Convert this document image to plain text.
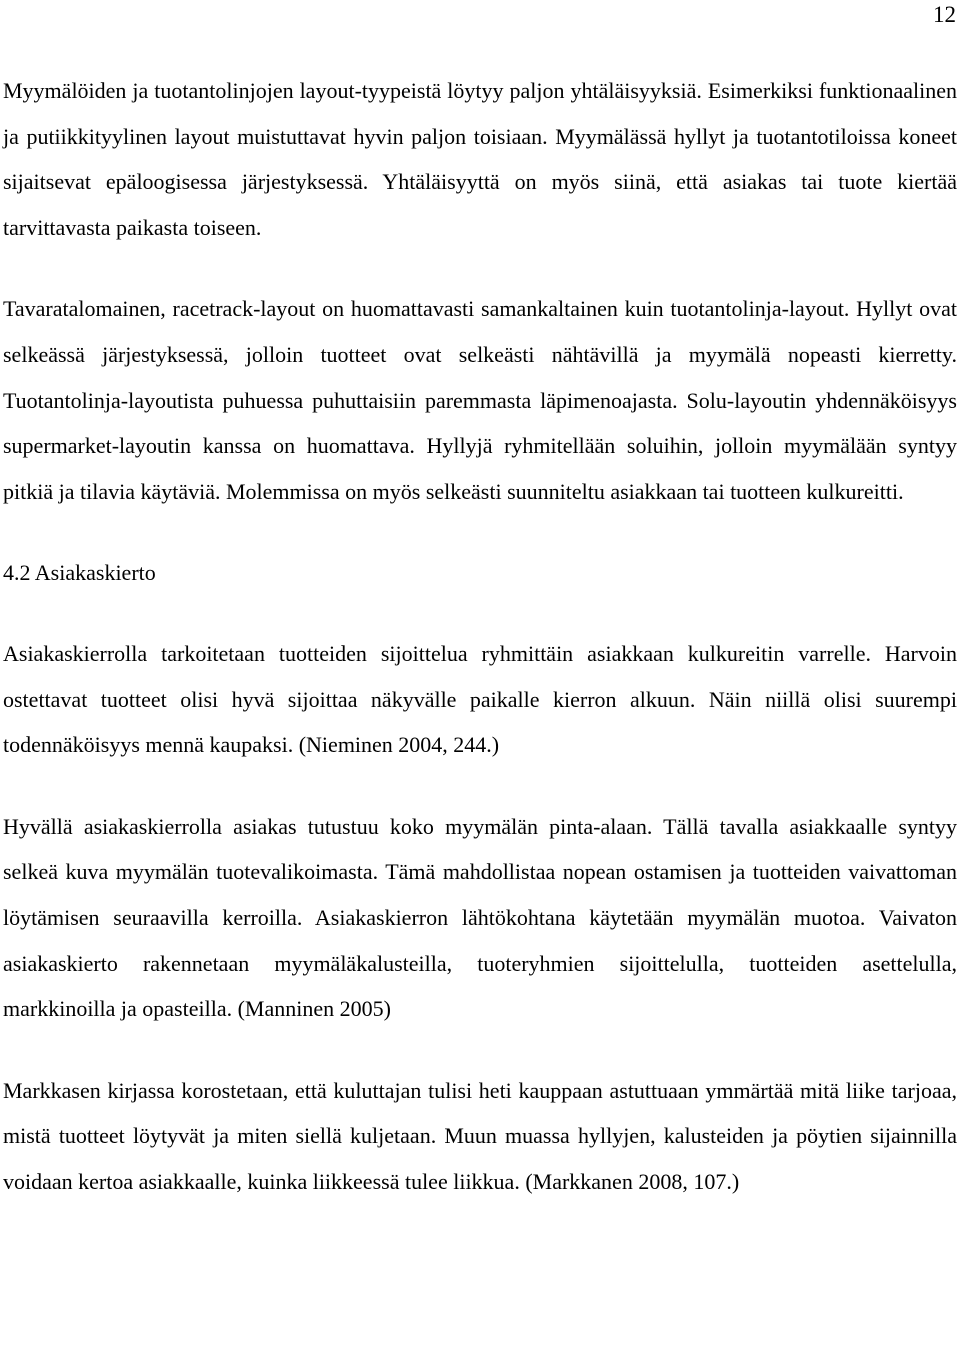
12

Myymälöiden ja tuotantolinjojen layout-tyypeistä löytyy paljon yhtäläisyyksiä. Esimerkiksi funktionaalinen ja putiikkityylinen layout muistuttavat hyvin paljon toisiaan. Myymälässä hyllyt ja tuotantotiloissa koneet sijaitsevat epäloogisessa järjestyksessä. Yhtäläisyyttä on myös siinä, että asiakas tai tuote kiertää tarvittavasta paikasta toiseen.

Tavaratalomainen, racetrack-layout on huomattavasti samankaltainen kuin tuotantolinja-layout. Hyllyt ovat selkeässä järjestyksessä, jolloin tuotteet ovat selkeästi nähtävillä ja myymälä nopeasti kierretty. Tuotantolinja-layoutista puhuessa puhuttaisiin paremmasta läpimenoajasta. Solu-layoutin yhdennäköisyys supermarket-layoutin kanssa on huomattava. Hyllyjä ryhmitellään soluihin, jolloin myymälään syntyy pitkiä ja tilavia käytäviä. Molemmissa on myös selkeästi suunniteltu asiakkaan tai tuotteen kulkureitti.

4.2 Asiakaskierto

Asiakaskierrolla tarkoitetaan tuotteiden sijoittelua ryhmittäin asiakkaan kulkureitin varrelle. Harvoin ostettavat tuotteet olisi hyvä sijoittaa näkyvälle paikalle kierron alkuun. Näin niillä olisi suurempi todennäköisyys mennä kaupaksi. (Nieminen 2004, 244.)

Hyvällä asiakaskierrolla asiakas tutustuu koko myymälän pinta-alaan. Tällä tavalla asiakkaalle syntyy selkeä kuva myymälän tuotevalikoimasta. Tämä mahdollistaa nopean ostamisen ja tuotteiden vaivattoman löytämisen seuraavilla kerroilla. Asiakaskierron lähtökohtana käytetään myymälän muotoa. Vaivaton asiakaskierto rakennetaan myymäläkalusteilla, tuoteryhmien sijoittelulla, tuotteiden asettelulla, markkinoilla ja opasteilla. (Manninen 2005)

Markkasen kirjassa korostetaan, että kuluttajan tulisi heti kauppaan astuttuaan ymmärtää mitä liike tarjoaa, mistä tuotteet löytyvät ja miten siellä kuljetaan. Muun muassa hyllyjen, kalusteiden ja pöytien sijainnilla voidaan kertoa asiakkaalle, kuinka liikkeessä tulee liikkua. (Markkanen 2008, 107.)
